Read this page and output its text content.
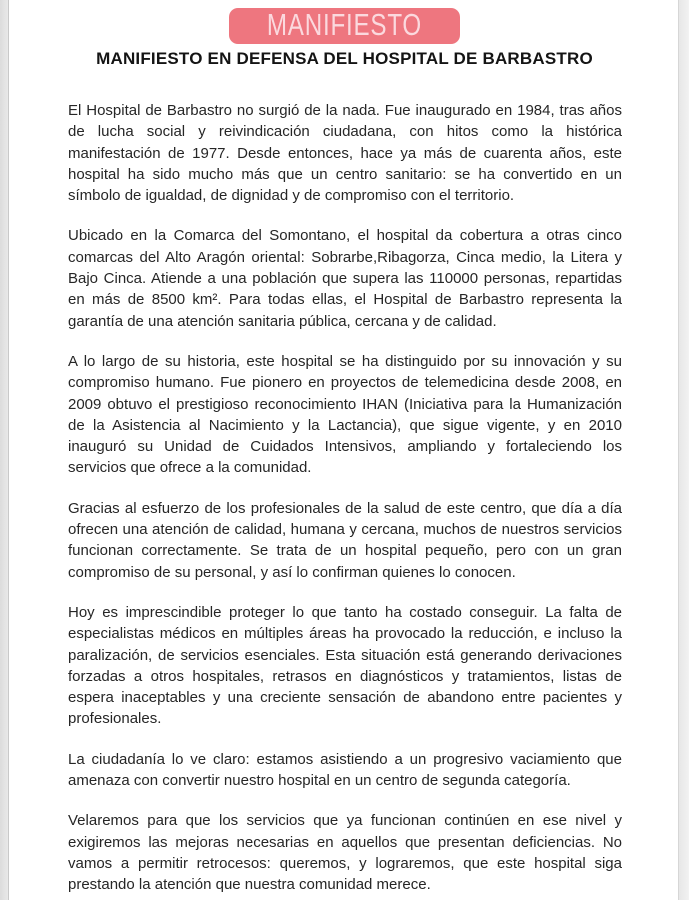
MANIFIESTO
MANIFIESTO EN DEFENSA DEL HOSPITAL DE BARBASTRO

El Hospital de Barbastro no surgió de la nada. Fue inaugurado en 1984, tras años de lucha social y reivindicación ciudadana, con hitos como la histórica manifestación de 1977. Desde entonces, hace ya más de cuarenta años, este hospital ha sido mucho más que un centro sanitario: se ha convertido en un símbolo de igualdad, de dignidad y de compromiso con el territorio.

Ubicado en la Comarca del Somontano, el hospital da cobertura a otras cinco comarcas del Alto Aragón oriental: Sobrarbe,Ribagorza, Cinca medio, la Litera y Bajo Cinca. Atiende a una población que supera las 110000 personas, repartidas en más de 8500 km². Para todas ellas, el Hospital de Barbastro representa la garantía de una atención sanitaria pública, cercana y de calidad.

A lo largo de su historia, este hospital se ha distinguido por su innovación y su compromiso humano. Fue pionero en proyectos de telemedicina desde 2008, en 2009 obtuvo el prestigioso reconocimiento IHAN (Iniciativa para la Humanización de la Asistencia al Nacimiento y la Lactancia), que sigue vigente, y en 2010 inauguró su Unidad de Cuidados Intensivos, ampliando y fortaleciendo los servicios que ofrece a la comunidad.

Gracias al esfuerzo de los profesionales de la salud de este centro, que día a día ofrecen una atención de calidad, humana y cercana, muchos de nuestros servicios funcionan correctamente. Se trata de un hospital pequeño, pero con un gran compromiso de su personal, y así lo confirman quienes lo conocen.

Hoy es imprescindible proteger lo que tanto ha costado conseguir. La falta de especialistas médicos en múltiples áreas ha provocado la reducción, e incluso la paralización, de servicios esenciales. Esta situación está generando derivaciones forzadas a otros hospitales, retrasos en diagnósticos y tratamientos, listas de espera inaceptables y una creciente sensación de abandono entre pacientes y profesionales.

La ciudadanía lo ve claro: estamos asistiendo a un progresivo vaciamiento que amenaza con convertir nuestro hospital en un centro de segunda categoría.

Velaremos para que los servicios que ya funcionan continúen en ese nivel y exigiremos las mejoras necesarias en aquellos que presentan deficiencias. No vamos a permitir retrocesos: queremos, y lograremos, que este hospital siga prestando la atención que nuestra comunidad merece.
